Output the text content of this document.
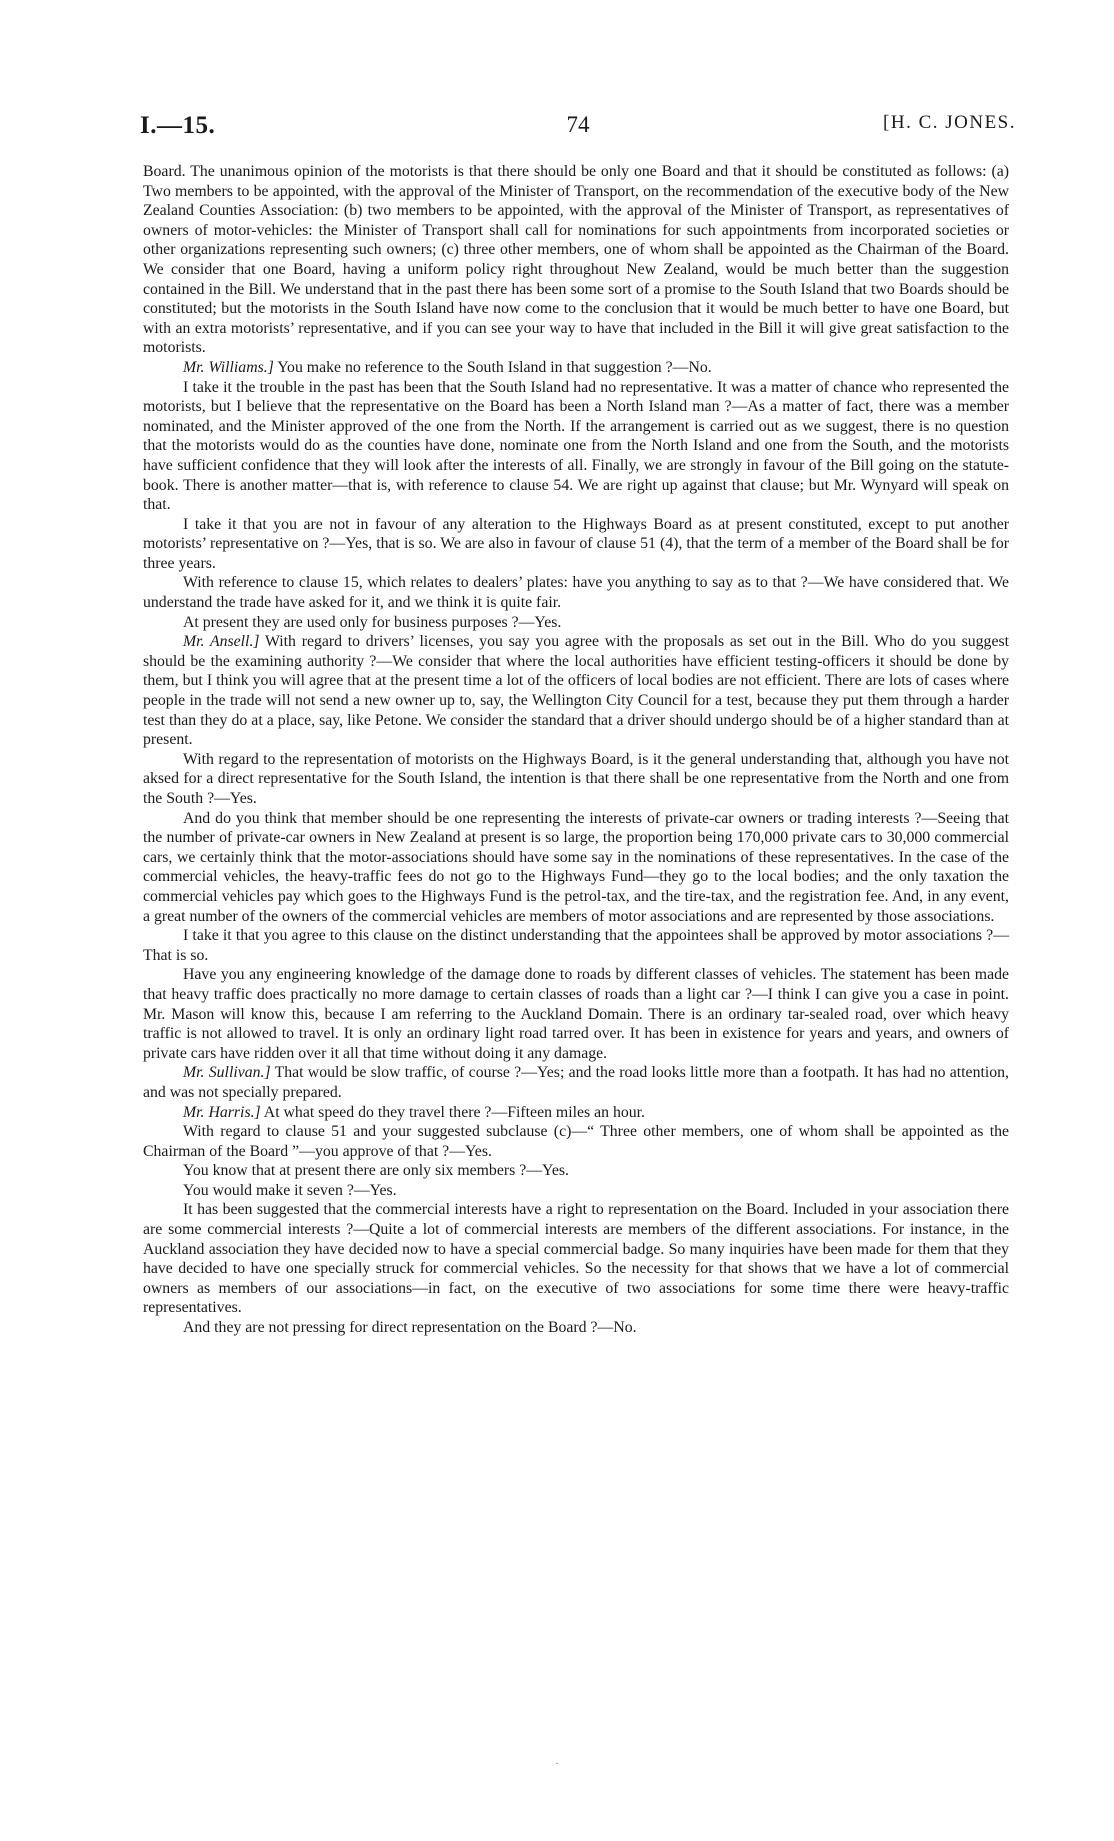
I.—15.	74	[H. C. JONES.

Board. The unanimous opinion of the motorists is that there should be only one Board and that it should be constituted as follows: (a) Two members to be appointed, with the approval of the Minister of Transport, on the recommendation of the executive body of the New Zealand Counties Association: (b) two members to be appointed, with the approval of the Minister of Transport, as representatives of owners of motor-vehicles: the Minister of Transport shall call for nominations for such appointments from incorporated societies or other organizations representing such owners; (c) three other members, one of whom shall be appointed as the Chairman of the Board. We consider that one Board, having a uniform policy right throughout New Zealand, would be much better than the suggestion contained in the Bill. We understand that in the past there has been some sort of a promise to the South Island that two Boards should be constituted; but the motorists in the South Island have now come to the conclusion that it would be much better to have one Board, but with an extra motorists’ representative, and if you can see your way to have that included in the Bill it will give great satisfaction to the motorists.

Mr. Williams.] You make no reference to the South Island in that suggestion ?—No.

I take it the trouble in the past has been that the South Island had no representative. It was a matter of chance who represented the motorists, but I believe that the representative on the Board has been a North Island man ?—As a matter of fact, there was a member nominated, and the Minister approved of the one from the North. If the arrangement is carried out as we suggest, there is no question that the motorists would do as the counties have done, nominate one from the North Island and one from the South, and the motorists have sufficient confidence that they will look after the interests of all. Finally, we are strongly in favour of the Bill going on the statute-book. There is another matter—that is, with reference to clause 54. We are right up against that clause; but Mr. Wynyard will speak on that.

I take it that you are not in favour of any alteration to the Highways Board as at present constituted, except to put another motorists’ representative on ?—Yes, that is so. We are also in favour of clause 51 (4), that the term of a member of the Board shall be for three years.

With reference to clause 15, which relates to dealers’ plates: have you anything to say as to that ?—We have considered that. We understand the trade have asked for it, and we think it is quite fair.

At present they are used only for business purposes ?—Yes.

Mr. Ansell.] With regard to drivers’ licenses, you say you agree with the proposals as set out in the Bill. Who do you suggest should be the examining authority ?—We consider that where the local authorities have efficient testing-officers it should be done by them, but I think you will agree that at the present time a lot of the officers of local bodies are not efficient. There are lots of cases where people in the trade will not send a new owner up to, say, the Wellington City Council for a test, because they put them through a harder test than they do at a place, say, like Petone. We consider the standard that a driver should undergo should be of a higher standard than at present.

With regard to the representation of motorists on the Highways Board, is it the general understanding that, although you have not aksed for a direct representative for the South Island, the intention is that there shall be one representative from the North and one from the South ?—Yes.

And do you think that member should be one representing the interests of private-car owners or trading interests ?—Seeing that the number of private-car owners in New Zealand at present is so large, the proportion being 170,000 private cars to 30,000 commercial cars, we certainly think that the motor-associations should have some say in the nominations of these representatives. In the case of the commercial vehicles, the heavy-traffic fees do not go to the Highways Fund—they go to the local bodies; and the only taxation the commercial vehicles pay which goes to the Highways Fund is the petrol-tax, and the tire-tax, and the registration fee. And, in any event, a great number of the owners of the commercial vehicles are members of motor associations and are represented by those associations.

I take it that you agree to this clause on the distinct understanding that the appointees shall be approved by motor associations ?—That is so.

Have you any engineering knowledge of the damage done to roads by different classes of vehicles. The statement has been made that heavy traffic does practically no more damage to certain classes of roads than a light car ?—I think I can give you a case in point. Mr. Mason will know this, because I am referring to the Auckland Domain. There is an ordinary tar-sealed road, over which heavy traffic is not allowed to travel. It is only an ordinary light road tarred over. It has been in existence for years and years, and owners of private cars have ridden over it all that time without doing it any damage.

Mr. Sullivan.] That would be slow traffic, of course ?—Yes; and the road looks little more than a footpath. It has had no attention, and was not specially prepared.

Mr. Harris.] At what speed do they travel there ?—Fifteen miles an hour.

With regard to clause 51 and your suggested subclause (c)—“ Three other members, one of whom shall be appointed as the Chairman of the Board ”—you approve of that ?—Yes.

You know that at present there are only six members ?—Yes.

You would make it seven ?—Yes.

It has been suggested that the commercial interests have a right to representation on the Board. Included in your association there are some commercial interests ?—Quite a lot of commercial interests are members of the different associations. For instance, in the Auckland association they have decided now to have a special commercial badge. So many inquiries have been made for them that they have decided to have one specially struck for commercial vehicles. So the necessity for that shows that we have a lot of commercial owners as members of our associations—in fact, on the executive of two associations for some time there were heavy-traffic representatives.

And they are not pressing for direct representation on the Board ?—No.

·
